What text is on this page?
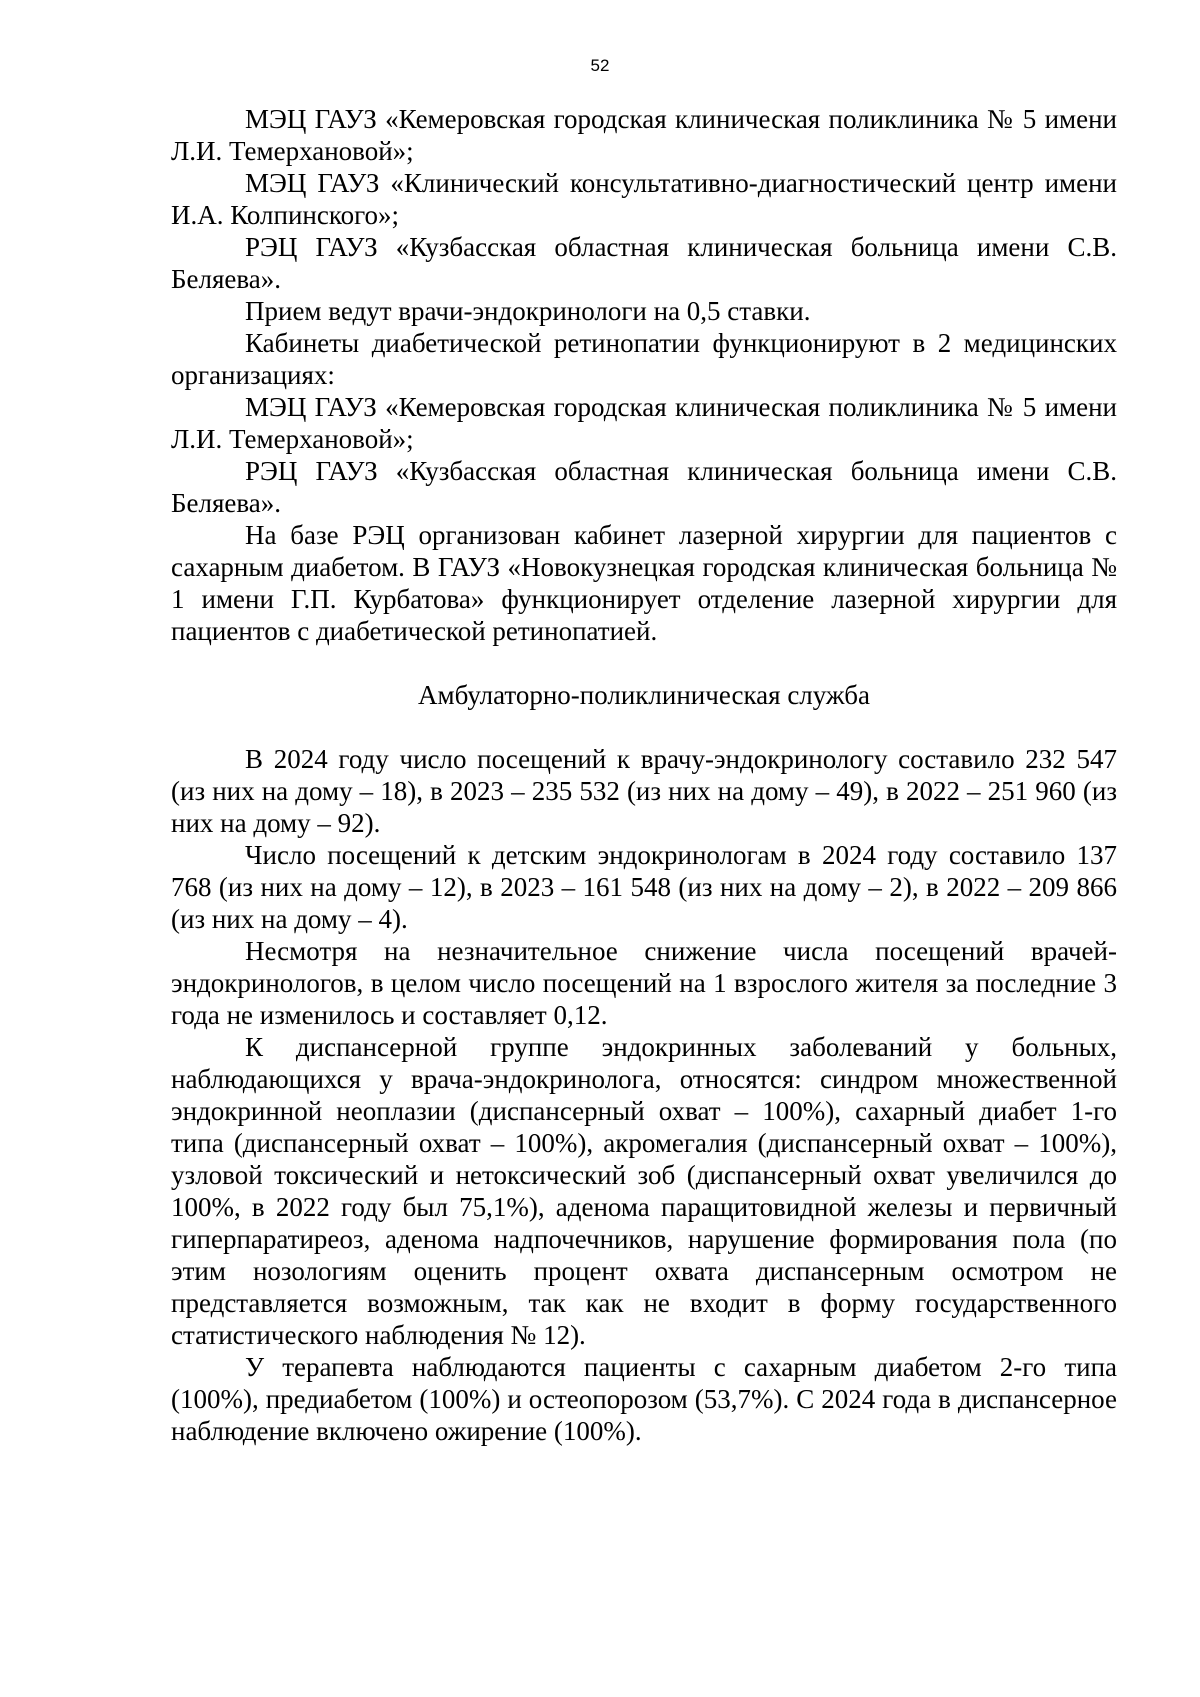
52

МЭЦ ГАУЗ «Кемеровская городская клиническая поликлиника № 5 имени Л.И. Темерхановой»;

МЭЦ ГАУЗ «Клинический консультативно-диагностический центр имени И.А. Колпинского»;

РЭЦ ГАУЗ «Кузбасская областная клиническая больница имени С.В. Беляева».

Прием ведут врачи-эндокринологи на 0,5 ставки.

Кабинеты диабетической ретинопатии функционируют в 2 медицинских организациях:

МЭЦ ГАУЗ «Кемеровская городская клиническая поликлиника № 5 имени Л.И. Темерхановой»;

РЭЦ ГАУЗ «Кузбасская областная клиническая больница имени С.В. Беляева».

На базе РЭЦ организован кабинет лазерной хирургии для пациентов с сахарным диабетом. В ГАУЗ «Новокузнецкая городская клиническая больница № 1 имени Г.П. Курбатова» функционирует отделение лазерной хирургии для пациентов с диабетической ретинопатией.

Амбулаторно-поликлиническая служба

В 2024 году число посещений к врачу-эндокринологу составило 232 547 (из них на дому – 18), в 2023 – 235 532 (из них на дому – 49), в 2022 – 251 960 (из них на дому – 92).

Число посещений к детским эндокринологам в 2024 году составило 137 768 (из них на дому – 12), в 2023 – 161 548 (из них на дому – 2), в 2022 – 209 866 (из них на дому – 4).

Несмотря на незначительное снижение числа посещений врачей-эндокринологов, в целом число посещений на 1 взрослого жителя за последние 3 года не изменилось и составляет 0,12.

К диспансерной группе эндокринных заболеваний у больных, наблюдающихся у врача-эндокринолога, относятся: синдром множественной эндокринной неоплазии (диспансерный охват – 100%), сахарный диабет 1-го типа (диспансерный охват – 100%), акромегалия (диспансерный охват – 100%), узловой токсический и нетоксический зоб (диспансерный охват увеличился до 100%, в 2022 году был 75,1%), аденома паращитовидной железы и первичный гиперпаратиреоз, аденома надпочечников, нарушение формирования пола (по этим нозологиям оценить процент охвата диспансерным осмотром не представляется возможным, так как не входит в форму государственного статистического наблюдения № 12).

У терапевта наблюдаются пациенты с сахарным диабетом 2-го типа (100%), предиабетом (100%) и остеопорозом (53,7%). С 2024 года в диспансерное наблюдение включено ожирение (100%).
